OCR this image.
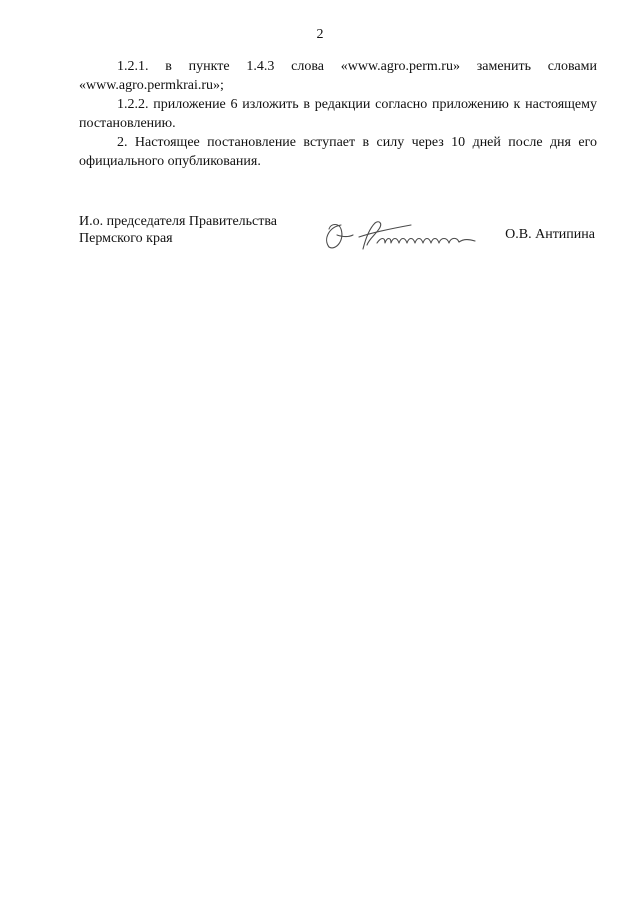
2

1.2.1. в пункте 1.4.3 слова «www.agro.perm.ru» заменить словами «www.agro.permkrai.ru»;

1.2.2. приложение 6 изложить в редакции согласно приложению к настоящему постановлению.

2. Настоящее постановление вступает в силу через 10 дней после дня его официального опубликования.

И.о. председателя Правительства
Пермского края	О.В. Антипина
